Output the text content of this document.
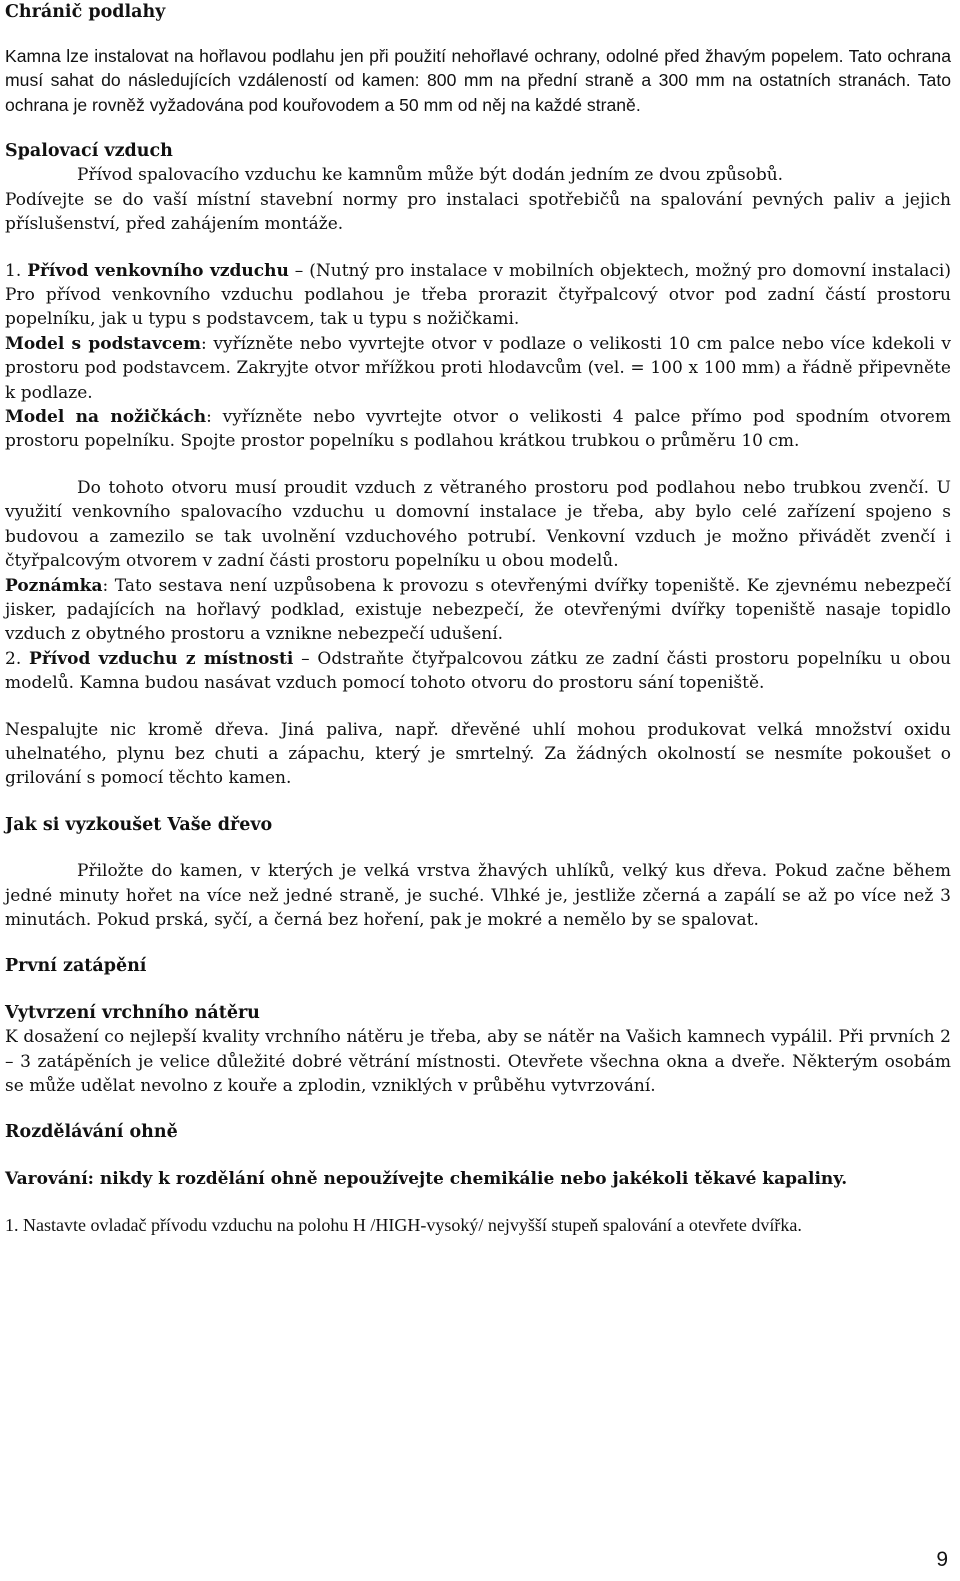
Chránič podlahy

Kamna lze instalovat na hořlavou podlahu jen při použití nehořlavé ochrany, odolné před žhavým popelem. Tato ochrana musí sahat do následujících vzdáleností od kamen: 800 mm na přední straně a 300 mm na ostatních stranách. Tato ochrana je rovněž vyžadována pod kouřovodem a 50 mm od něj na každé straně.

Spalovací vzduch

Přívod spalovacího vzduchu ke kamnům může být dodán jedním ze dvou způsobů.

Podívejte se do vaší místní stavební normy pro instalaci spotřebičů na spalování pevných paliv a jejich příslušenství, před zahájením montáže.

1. Přívod venkovního vzduchu – (Nutný pro instalace v mobilních objektech, možný pro domovní instalaci) Pro přívod venkovního vzduchu podlahou je třeba prorazit čtyřpalcový otvor pod zadní částí prostoru popelníku, jak u typu s podstavcem, tak u typu s nožičkami.

Model s podstavcem: vyřízněte nebo vyvrtejte otvor v podlaze o velikosti 10 cm palce nebo více kdekoli v prostoru pod podstavcem. Zakryjte otvor mřížkou proti hlodavcům (vel. = 100 x 100 mm) a řádně připevněte k podlaze.

Model na nožičkách: vyřízněte nebo vyvrtejte otvor o velikosti 4 palce přímo pod spodním otvorem prostoru popelníku. Spojte prostor popelníku s podlahou krátkou trubkou o průměru 10 cm.

Do tohoto otvoru musí proudit vzduch z větraného prostoru pod podlahou nebo trubkou zvenčí. U využití venkovního spalovacího vzduchu u domovní instalace je třeba, aby bylo celé zařízení spojeno s budovou a zamezilo se tak uvolnění vzduchového potrubí. Venkovní vzduch je možno přivádět zvenčí i čtyřpalcovým otvorem v zadní části prostoru popelníku u obou modelů.

Poznámka: Tato sestava není uzpůsobena k provozu s otevřenými dvířky topeniště. Ke zjevnému nebezpečí jisker, padajících na hořlavý podklad, existuje nebezpečí, že otevřenými dvířky topeniště nasaje topidlo vzduch z obytného prostoru a vznikne nebezpečí udušení.

2. Přívod vzduchu z místnosti – Odstraňte čtyřpalcovou zátku ze zadní části prostoru popelníku u obou modelů. Kamna budou nasávat vzduch pomocí tohoto otvoru do prostoru sání topeniště.

Nespalujte nic kromě dřeva. Jiná paliva, např. dřevěné uhlí mohou produkovat velká množství oxidu uhelnatého, plynu bez chuti a zápachu, který je smrtelný. Za žádných okolností se nesmíte pokoušet o grilování s pomocí těchto kamen.

Jak si vyzkoušet Vaše dřevo

Přiložte do kamen, v kterých je velká vrstva žhavých uhlíků, velký kus dřeva. Pokud začne během jedné minuty hořet na více než jedné straně, je suché. Vlhké je, jestliže zčerná a zapálí se až po více než 3 minutách. Pokud prská, syčí, a černá bez hoření, pak je mokré a nemělo by se spalovat.

První zatápění
Vytvrzení vrchního nátěru

K dosažení co nejlepší kvality vrchního nátěru je třeba, aby se nátěr na Vašich kamnech vypálil. Při prvních 2 – 3 zatápěních je velice důležité dobré větrání místnosti. Otevřete všechna okna a dveře. Některým osobám se může udělat nevolno z kouře a zplodin, vzniklých v průběhu vytvrzování.

Rozdělávání ohně

Varování: nikdy k rozdělání ohně nepoužívejte chemikálie nebo jakékoli těkavé kapaliny.

1. Nastavte ovladač přívodu vzduchu na polohu H /HIGH-vysoký/ nejvyšší stupeň spalování a otevřete dvířka.

9
